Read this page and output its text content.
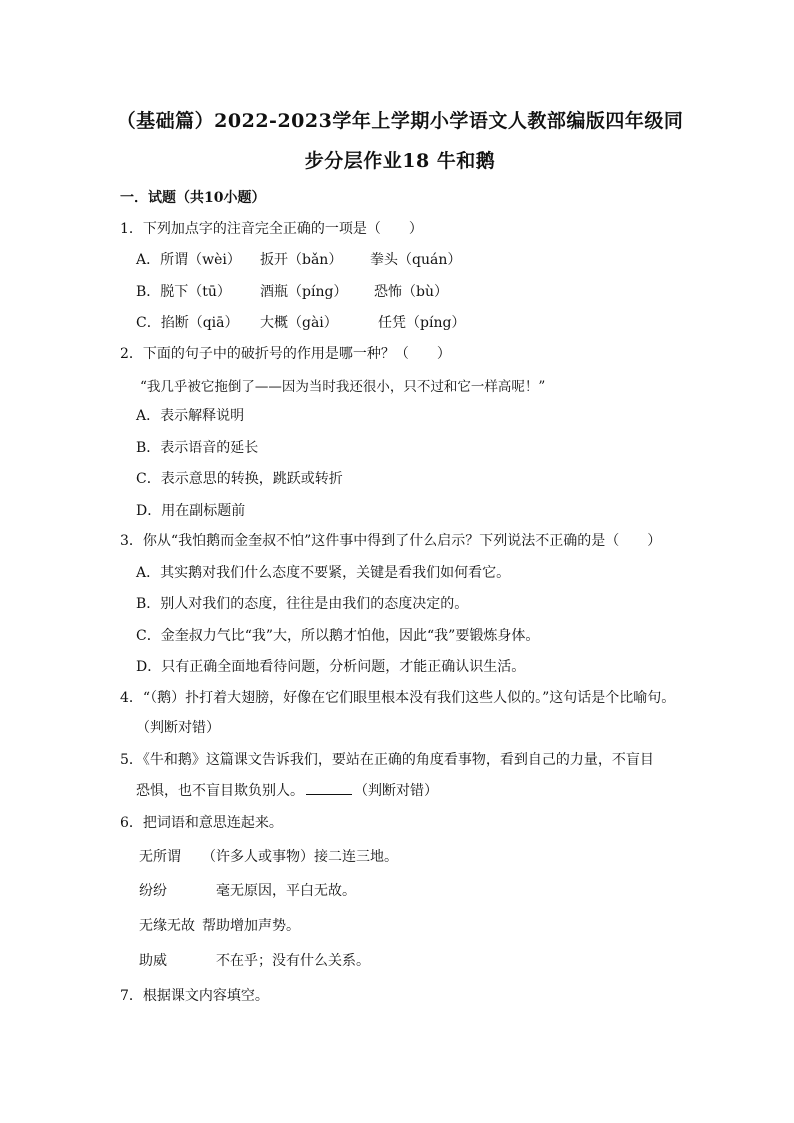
（基础篇）2022-2023学年上学期小学语文人教部编版四年级同
步分层作业18 牛和鹅
一．试题（共10小题）
1．下列加点字的注音完全正确的一项是（　　）
A．所谓（wèi） 扳开（bǎn） 拳头（quán）
B．脱下（tū） 酒瓶（píng） 恐怖（bù）
C．掐断（qiā） 大概（gài）	任凭（píng）
2．下面的句子中的破折号的作用是哪一种？（　　）
“我几乎被它拖倒了——因为当时我还很小，只不过和它一样高呢！”
A．表示解释说明
B．表示语音的延长
C．表示意思的转换，跳跃或转折
D．用在副标题前
3．你从“我怕鹅而金奎叔不怕”这件事中得到了什么启示？下列说法不正确的是（　　）
A．其实鹅对我们什么态度不要紧，关键是看我们如何看它。
B．别人对我们的态度，往往是由我们的态度决定的。
C．金奎叔力气比“我”大，所以鹅才怕他，因此“我”要锻炼身体。
D．只有正确全面地看待问题，分析问题，才能正确认识生活。
4．“（鹅）扑打着大翅膀，好像在它们眼里根本没有我们这些人似的。”这句话是个比喻句。
（判断对错）
5．《牛和鹅》这篇课文告诉我们，要站在正确的角度看事物，看到自己的力量，不盲目
恐惧，也不盲目欺负别人。	（判断对错）
6．把词语和意思连起来。
无所谓 （许多人或事物）接二连三地。
纷纷	毫无原因，平白无故。
无缘无故 帮助增加声势。
助威	不在乎；没有什么关系。
7．根据课文内容填空。
